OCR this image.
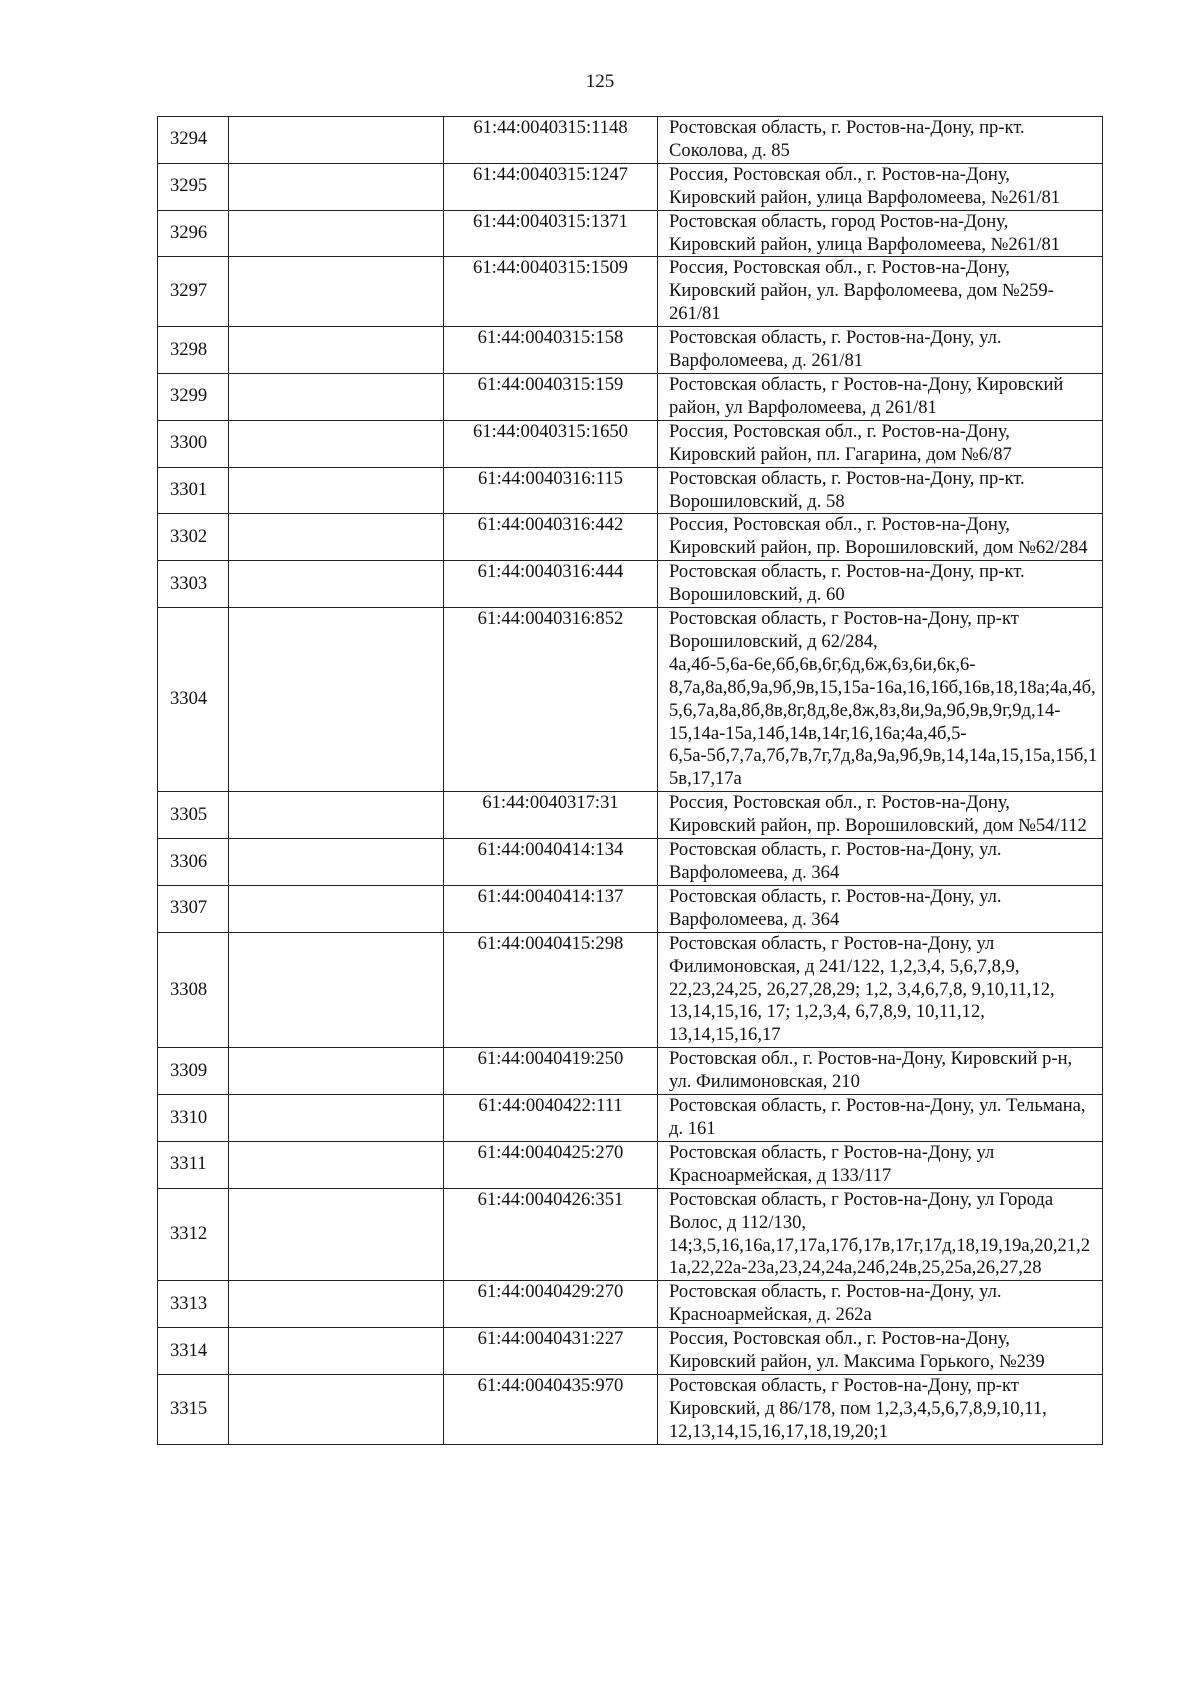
125
3294		61:44:0040315:1148	Ростовская область, г. Ростов-на-Дону, пр-кт. Соколова, д. 85
3295		61:44:0040315:1247	Россия, Ростовская обл., г. Ростов-на-Дону, Кировский район, улица Варфоломеева, №261/81
3296		61:44:0040315:1371	Ростовская область, город Ростов-на-Дону, Кировский район, улица Варфоломеева, №261/81
3297		61:44:0040315:1509	Россия, Ростовская обл., г. Ростов-на-Дону, Кировский район, ул. Варфоломеева, дом №259-261/81
3298		61:44:0040315:158	Ростовская область, г. Ростов-на-Дону, ул. Варфоломеева, д. 261/81
3299		61:44:0040315:159	Ростовская область, г Ростов-на-Дону, Кировский район, ул Варфоломеева, д 261/81
3300		61:44:0040315:1650	Россия, Ростовская обл., г. Ростов-на-Дону, Кировский район, пл. Гагарина, дом №6/87
3301		61:44:0040316:115	Ростовская область, г. Ростов-на-Дону, пр-кт. Ворошиловский, д. 58
3302		61:44:0040316:442	Россия, Ростовская обл., г. Ростов-на-Дону, Кировский район, пр. Ворошиловский, дом №62/284
3303		61:44:0040316:444	Ростовская область, г. Ростов-на-Дону, пр-кт. Ворошиловский, д. 60
3304		61:44:0040316:852	Ростовская область, г Ростов-на-Дону, пр-кт Ворошиловский, д 62/284, 4а,4б-5,6а-6е,6б,6в,6г,6д,6ж,6з,6и,6к,6-8,7а,8а,8б,9а,9б,9в,15,15а-16а,16,16б,16в,18,18а;4а,4б,5,6,7а,8а,8б,8в,8г,8д,8е,8ж,8з,8и,9а,9б,9в,9г,9д,14-15,14а-15а,14б,14в,14г,16,16а;4а,4б,5-6,5а-5б,7,7а,7б,7в,7г,7д,8а,9а,9б,9в,14,14а,15,15а,15б,15в,17,17а
3305		61:44:0040317:31	Россия, Ростовская обл., г. Ростов-на-Дону, Кировский район, пр. Ворошиловский, дом №54/112
3306		61:44:0040414:134	Ростовская область, г. Ростов-на-Дону, ул. Варфоломеева, д. 364
3307		61:44:0040414:137	Ростовская область, г. Ростов-на-Дону, ул. Варфоломеева, д. 364
3308		61:44:0040415:298	Ростовская область, г Ростов-на-Дону, ул Филимоновская, д 241/122, 1,2,3,4, 5,6,7,8,9, 22,23,24,25, 26,27,28,29; 1,2, 3,4,6,7,8, 9,10,11,12, 13,14,15,16, 17; 1,2,3,4, 6,7,8,9, 10,11,12, 13,14,15,16,17
3309		61:44:0040419:250	Ростовская обл., г. Ростов-на-Дону, Кировский р-н, ул. Филимоновская, 210
3310		61:44:0040422:111	Ростовская область, г. Ростов-на-Дону, ул. Тельмана, д. 161
3311		61:44:0040425:270	Ростовская область, г Ростов-на-Дону, ул Красноармейская, д 133/117
3312		61:44:0040426:351	Ростовская область, г Ростов-на-Дону, ул Города Волос, д 112/130, 14;3,5,16,16а,17,17а,17б,17в,17г,17д,18,19,19а,20,21,21а,22,22а-23а,23,24,24а,24б,24в,25,25а,26,27,28
3313		61:44:0040429:270	Ростовская область, г. Ростов-на-Дону, ул. Красноармейская, д. 262а
3314		61:44:0040431:227	Россия, Ростовская обл., г. Ростов-на-Дону, Кировский район, ул. Максима Горького, №239
3315		61:44:0040435:970	Ростовская область, г Ростов-на-Дону, пр-кт Кировский, д 86/178, пом 1,2,3,4,5,6,7,8,9,10,11, 12,13,14,15,16,17,18,19,20;1
